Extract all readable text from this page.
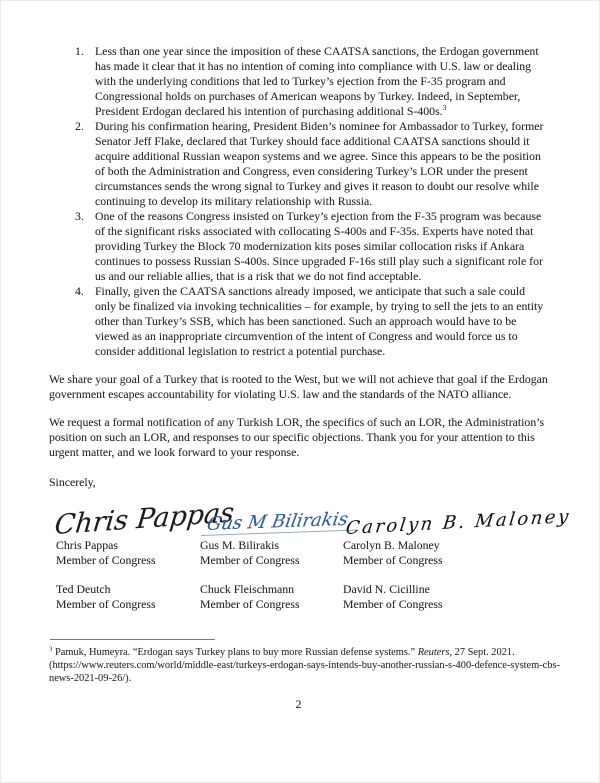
1. Less than one year since the imposition of these CAATSA sanctions, the Erdogan government has made it clear that it has no intention of coming into compliance with U.S. law or dealing with the underlying conditions that led to Turkey’s ejection from the F-35 program and Congressional holds on purchases of American weapons by Turkey. Indeed, in September, President Erdogan declared his intention of purchasing additional S-400s.$^3$
2. During his confirmation hearing, President Biden’s nominee for Ambassador to Turkey, former Senator Jeff Flake, declared that Turkey should face additional CAATSA sanctions should it acquire additional Russian weapon systems and we agree. Since this appears to be the position of both the Administration and Congress, even considering Turkey’s LOR under the present circumstances sends the wrong signal to Turkey and gives it reason to doubt our resolve while continuing to develop its military relationship with Russia.
3. One of the reasons Congress insisted on Turkey’s ejection from the F-35 program was because of the significant risks associated with collocating S-400s and F-35s. Experts have noted that providing Turkey the Block 70 modernization kits poses similar collocation risks if Ankara continues to possess Russian S-400s. Since upgraded F-16s still play such a significant role for us and our reliable allies, that is a risk that we do not find acceptable.
4. Finally, given the CAATSA sanctions already imposed, we anticipate that such a sale could only be finalized via invoking technicalities – for example, by trying to sell the jets to an entity other than Turkey’s SSB, which has been sanctioned. Such an approach would have to be viewed as an inappropriate circumvention of the intent of Congress and would force us to consider additional legislation to restrict a potential purchase.

We share your goal of a Turkey that is rooted to the West, but we will not achieve that goal if the Erdogan government escapes accountability for violating U.S. law and the standards of the NATO alliance.

We request a formal notification of any Turkish LOR, the specifics of such an LOR, the Administration’s position on such an LOR, and responses to our specific objections. Thank you for your attention to this urgent matter, and we look forward to your response.

Sincerely,

Chris Pappas
Gus M Bilirakis
Carolyn B. Maloney
Chris Pappas
Member of Congress
Gus M. Bilirakis
Member of Congress
Carolyn B. Maloney
Member of Congress
Ted Deutch
Member of Congress
Chuck Fleischmann
Member of Congress
David N. Cicilline
Member of Congress
$^3$ Pamuk, Humeyra. “Erdogan says Turkey plans to buy more Russian defense systems.” Reuters, 27 Sept. 2021. (https://www.reuters.com/world/middle-east/turkeys-erdogan-says-intends-buy-another-russian-s-400-defence-system-cbs-news-2021-09-26/).
2
